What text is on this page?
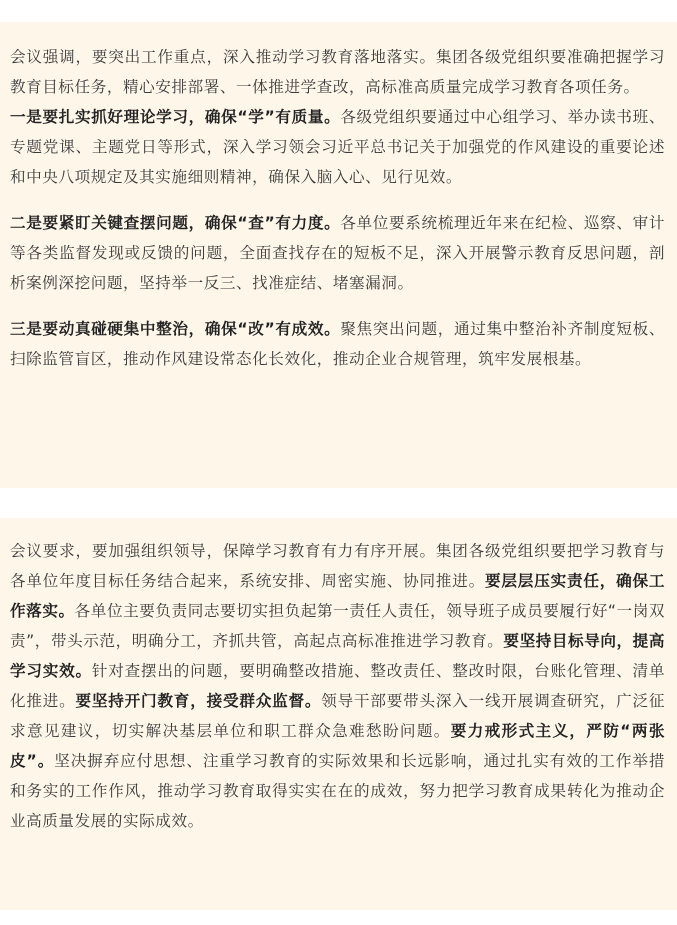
会议强调，要突出工作重点，深入推动学习教育落地落实。集团各级党组织要准确把握学习教育目标任务，精心安排部署、一体推进学查改，高标准高质量完成学习教育各项任务。
一是要扎实抓好理论学习，确保“学”有质量。各级党组织要通过中心组学习、举办读书班、专题党课、主题党日等形式，深入学习领会习近平总书记关于加强党的作风建设的重要论述和中央八项规定及其实施细则精神，确保入脑入心、见行见效。

二是要紧盯关键查摆问题，确保“查”有力度。各单位要系统梳理近年来在纪检、巡察、审计等各类监督发现或反馈的问题，全面查找存在的短板不足，深入开展警示教育反思问题，剖析案例深挖问题，坚持举一反三、找准症结、堵塞漏洞。

三是要动真碰硬集中整治，确保“改”有成效。聚焦突出问题，通过集中整治补齐制度短板、扫除监管盲区，推动作风建设常态化长效化，推动企业合规管理，筑牢发展根基。

会议要求，要加强组织领导，保障学习教育有力有序开展。集团各级党组织要把学习教育与各单位年度目标任务结合起来，系统安排、周密实施、协同推进。要层层压实责任，确保工作落实。各单位主要负责同志要切实担负起第一责任人责任，领导班子成员要履行好“一岗双责”，带头示范，明确分工，齐抓共管，高起点高标准推进学习教育。要坚持目标导向，提高学习实效。针对查摆出的问题，要明确整改措施、整改责任、整改时限，台账化管理、清单化推进。要坚持开门教育，接受群众监督。领导干部要带头深入一线开展调查研究，广泛征求意见建议，切实解决基层单位和职工群众急难愁盼问题。要力戒形式主义，严防“两张皮”。坚决摒弃应付思想、注重学习教育的实际效果和长远影响，通过扎实有效的工作举措和务实的工作作风，推动学习教育取得实实在在的成效，努力把学习教育成果转化为推动企业高质量发展的实际成效。
